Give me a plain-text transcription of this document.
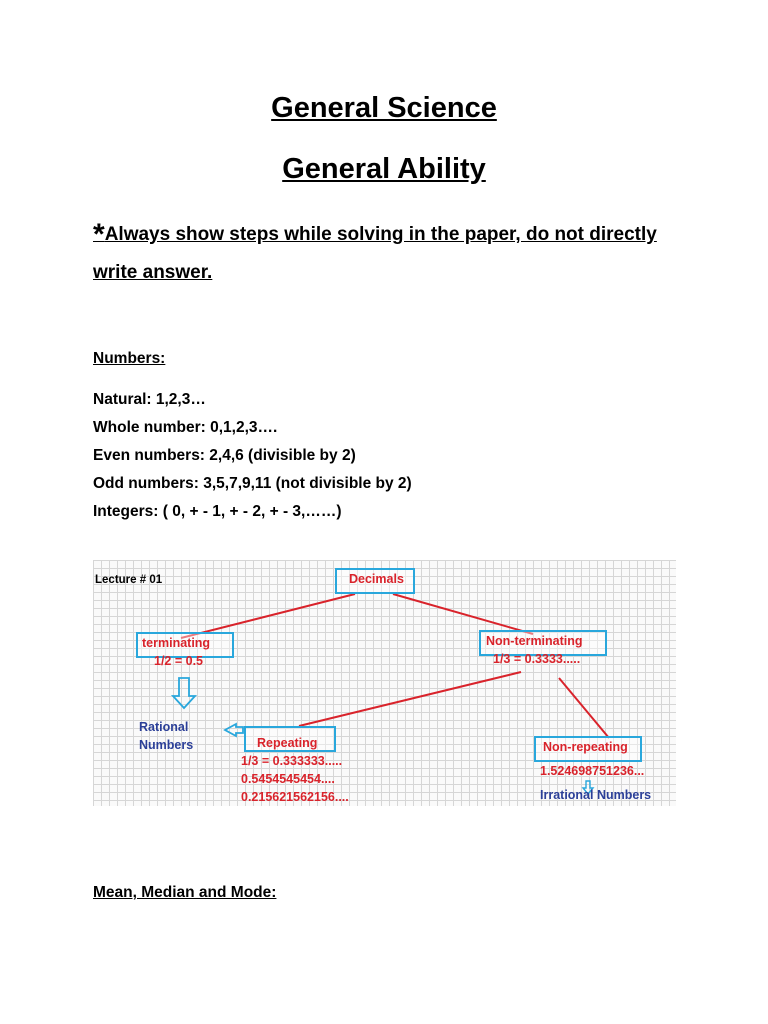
General Science
General Ability
*Always show steps while solving in the paper, do not directly write answer.
Numbers:
Natural: 1,2,3…
Whole number: 0,1,2,3….
Even numbers: 2,4,6 (divisible by 2)
Odd numbers: 3,5,7,9,11 (not divisible by 2)
Integers: ( 0, + - 1, + - 2, + - 3,……)
Lecture # 01	Decimals
terminating
1/2 = 0.5
Non-terminating
1/3 = 0.3333.....
Rational
Numbers	Repeating
1/3 = 0.333333.....
0.5454545454....
0.215621562156....
Non-repeating
1.524698751236...
Irrational Numbers
Mean, Median and Mode:
